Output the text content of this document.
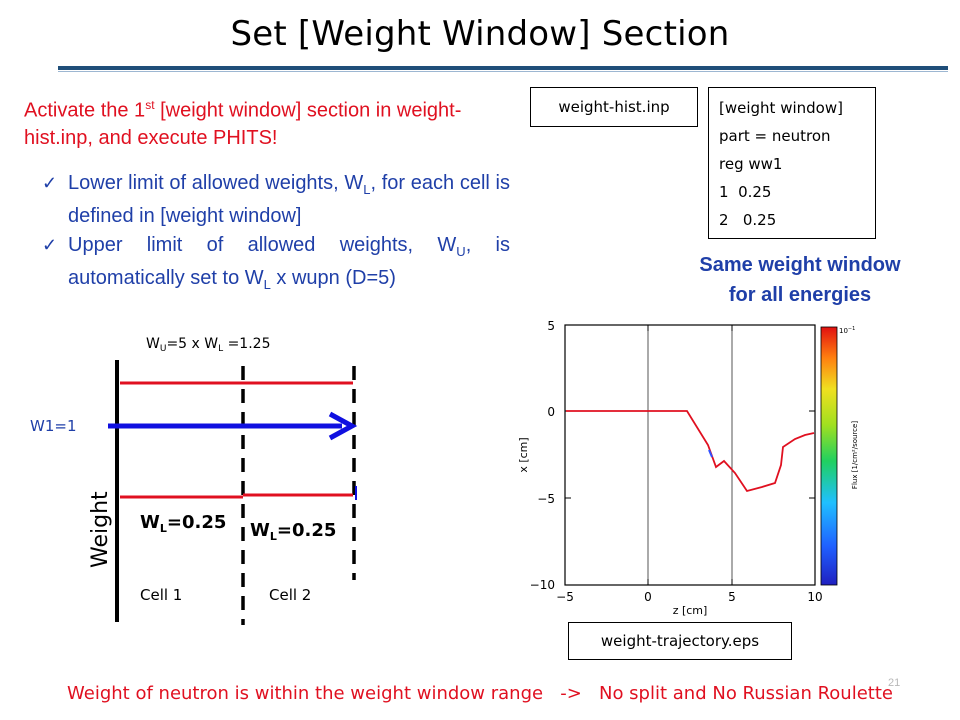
Set [Weight Window] Section
Activate the 1st [weight window] section in weight-hist.inp, and execute PHITS!
✓ Lower limit of allowed weights, $W_L$, for each cell is defined in [weight window]
✓ Upper limit of allowed weights, $W_U$, is automatically set to $W_L$ x wupn (D=5)
weight-hist.inp	[weight window]
part = neutron
reg ww1
1  0.25
2   0.25
Same weight window
for all energies
$W_U=5$ x $W_L =1.25$
W1=1
Weight $W_L=0.25$ $W_L=0.25$
Cell 1	Cell 2
5
0
−5
−10
−5	0	5	10
z [cm]
x [cm]
$10^{-1}$
Flux [1/cm²/source]
weight-trajectory.eps
Weight of neutron is within the weight window range   ->   No split and No Russian Roulette
21
